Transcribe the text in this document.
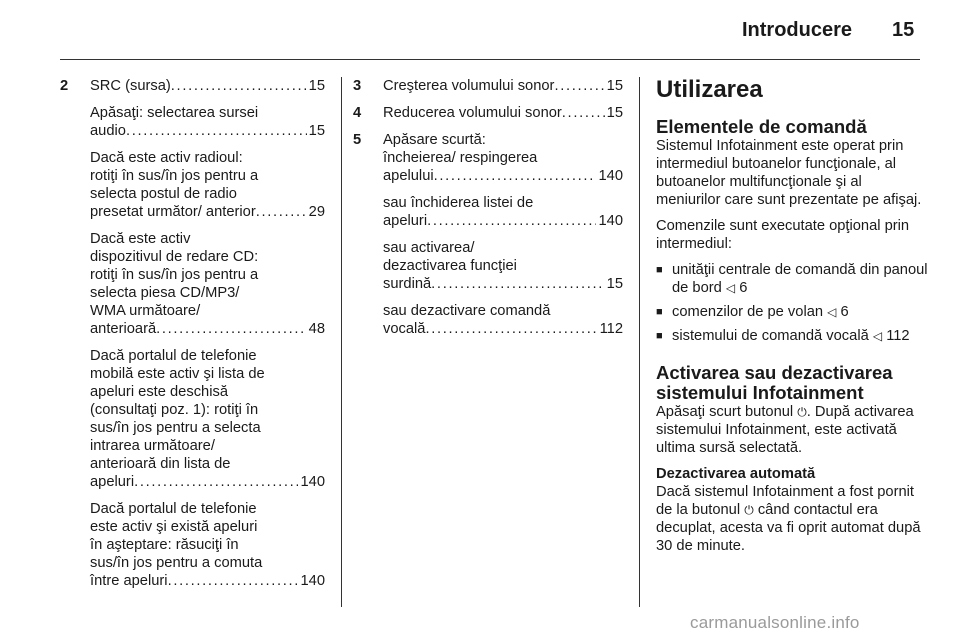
Introducere 15
2 SRC (sursa) . . .	15
Apăsaţi: selectarea sursei
audio . . .	15
Dacă este activ radioul:
rotiţi în sus/în jos pentru a
selecta postul de radio
presetat următor/ anterior . . .	29
Dacă este activ
dispozitivul de redare CD:
rotiţi în sus/în jos pentru a
selecta piesa CD/MP3/
WMA următoare/
anterioară . . .	48
Dacă portalul de telefonie
mobilă este activ şi lista de
apeluri este deschisă
(consultaţi poz. 1): rotiţi în
sus/în jos pentru a selecta
intrarea următoare/
anterioară din lista de
apeluri . . .	140
Dacă portalul de telefonie
este activ şi există apeluri
în aşteptare: răsuciţi în
sus/în jos pentru a comuta
între apeluri . . .	140
3 Creşterea volumului sonor . . .	15
4 Reducerea volumului sonor . . .	15
5 Apăsare scurtă:
încheierea/ respingerea
apelului . . .	140
sau închiderea listei de
apeluri . . .	140
sau activarea/
dezactivarea funcţiei
surdină . . .	15
sau dezactivare comandă
vocală . . .	112
Utilizarea
Elementele de comandă
Sistemul Infotainment este operat prin intermediul butoanelor funcţionale, al butoanelor multifuncţionale şi al meniurilor care sunt prezentate pe afişaj.
Comenzile sunt executate opţional prin intermediul:
■ unităţii centrale de comandă din panoul de bord ◁ 6
■ comenzilor de pe volan ◁ 6
■ sistemului de comandă vocală ◁ 112
Activarea sau dezactivarea sistemului Infotainment
Apăsaţi scurt butonul ⏻. După activarea sistemului Infotainment, este activată ultima sursă selectată.
Dezactivarea automată
Dacă sistemul Infotainment a fost pornit de la butonul ⏻ când contactul era decuplat, acesta va fi oprit automat după 30 de minute.
carmanualsonline.info
